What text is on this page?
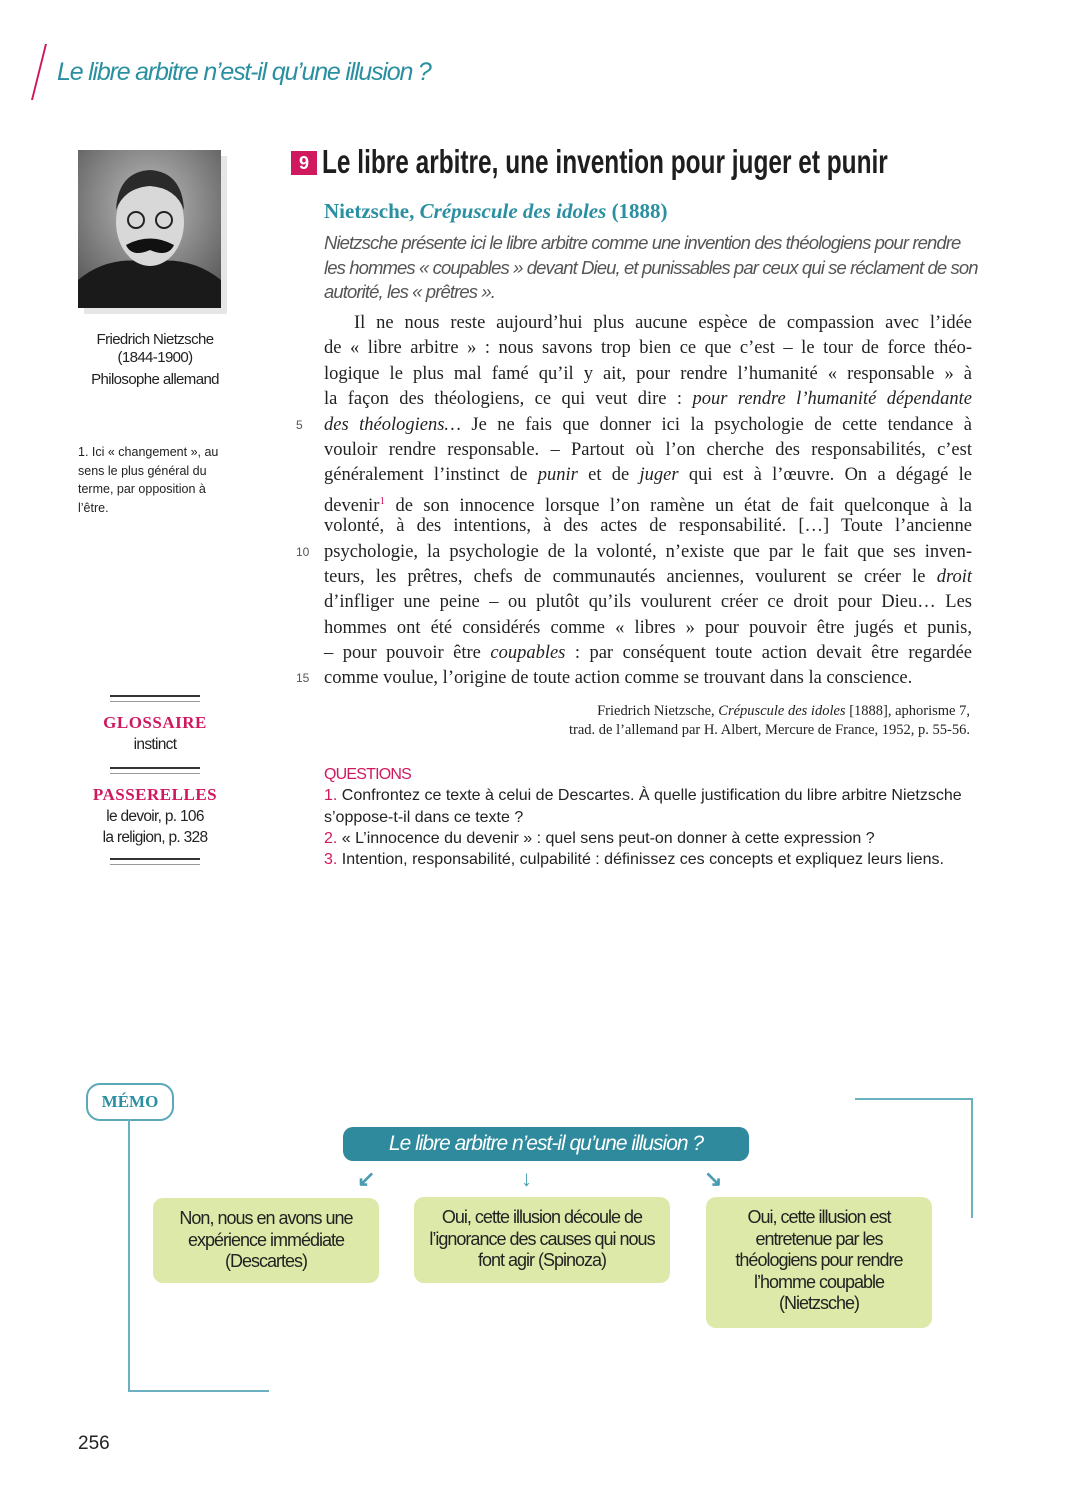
Le libre arbitre n’est-il qu’une illusion ?
Friedrich Nietzsche
(1844-1900)
Philosophe allemand
1. Ici « changement », au sens le plus général du terme, par opposition à l’être.
GLOSSAIRE
instinct
PASSERELLES
le devoir, p. 106
la religion, p. 328
9 Le libre arbitre, une invention pour juger et punir
Nietzsche, Crépuscule des idoles (1888)
Nietzsche présente ici le libre arbitre comme une invention des théologiens pour rendre les hommes « coupables » devant Dieu, et punissables par ceux qui se réclament de son autorité, les « prêtres ».
Il ne nous reste aujourd’hui plus aucune espèce de compassion avec l’idée
de « libre arbitre » : nous savons trop bien ce que c’est – le tour de force théo-
logique le plus mal famé qu’il y ait, pour rendre l’humanité « responsable » à
la façon des théologiens, ce qui veut dire : pour rendre l’humanité dépendante
5 des théologiens… Je ne fais que donner ici la psychologie de cette tendance à
vouloir rendre responsable. – Partout où l’on cherche des responsabilités, c’est
généralement l’instinct de punir et de juger qui est à l’œuvre. On a dégagé le
devenir$^1$ de son innocence lorsque l’on ramène un état de fait quelconque à la
volonté, à des intentions, à des actes de responsabilité. […] Toute l’ancienne
10 psychologie, la psychologie de la volonté, n’existe que par le fait que ses inven-
teurs, les prêtres, chefs de communautés anciennes, voulurent se créer le droit
d’infliger une peine – ou plutôt qu’ils voulurent créer ce droit pour Dieu… Les
hommes ont été considérés comme « libres » pour pouvoir être jugés et punis,
– pour pouvoir être coupables : par conséquent toute action devait être regardée
15 comme voulue, l’origine de toute action comme se trouvant dans la conscience.
Friedrich Nietzsche, Crépuscule des idoles [1888], aphorisme 7,
trad. de l’allemand par H. Albert, Mercure de France, 1952, p. 55-56.
QUESTIONS
1. Confrontez ce texte à celui de Descartes. À quelle justification du libre arbitre Nietzsche s’oppose-t-il dans ce texte ?
2. « L’innocence du devenir » : quel sens peut-on donner à cette expression ?
3. Intention, responsabilité, culpabilité : définissez ces concepts et expliquez leurs liens.
MÉMO
Le libre arbitre n’est-il qu’une illusion ?
↙	↓	↘
Non, nous en avons une expérience immédiate (Descartes)
Oui, cette illusion découle de l’ignorance des causes qui nous font agir (Spinoza)
Oui, cette illusion est entretenue par les théologiens pour rendre l’homme coupable (Nietzsche)
256
